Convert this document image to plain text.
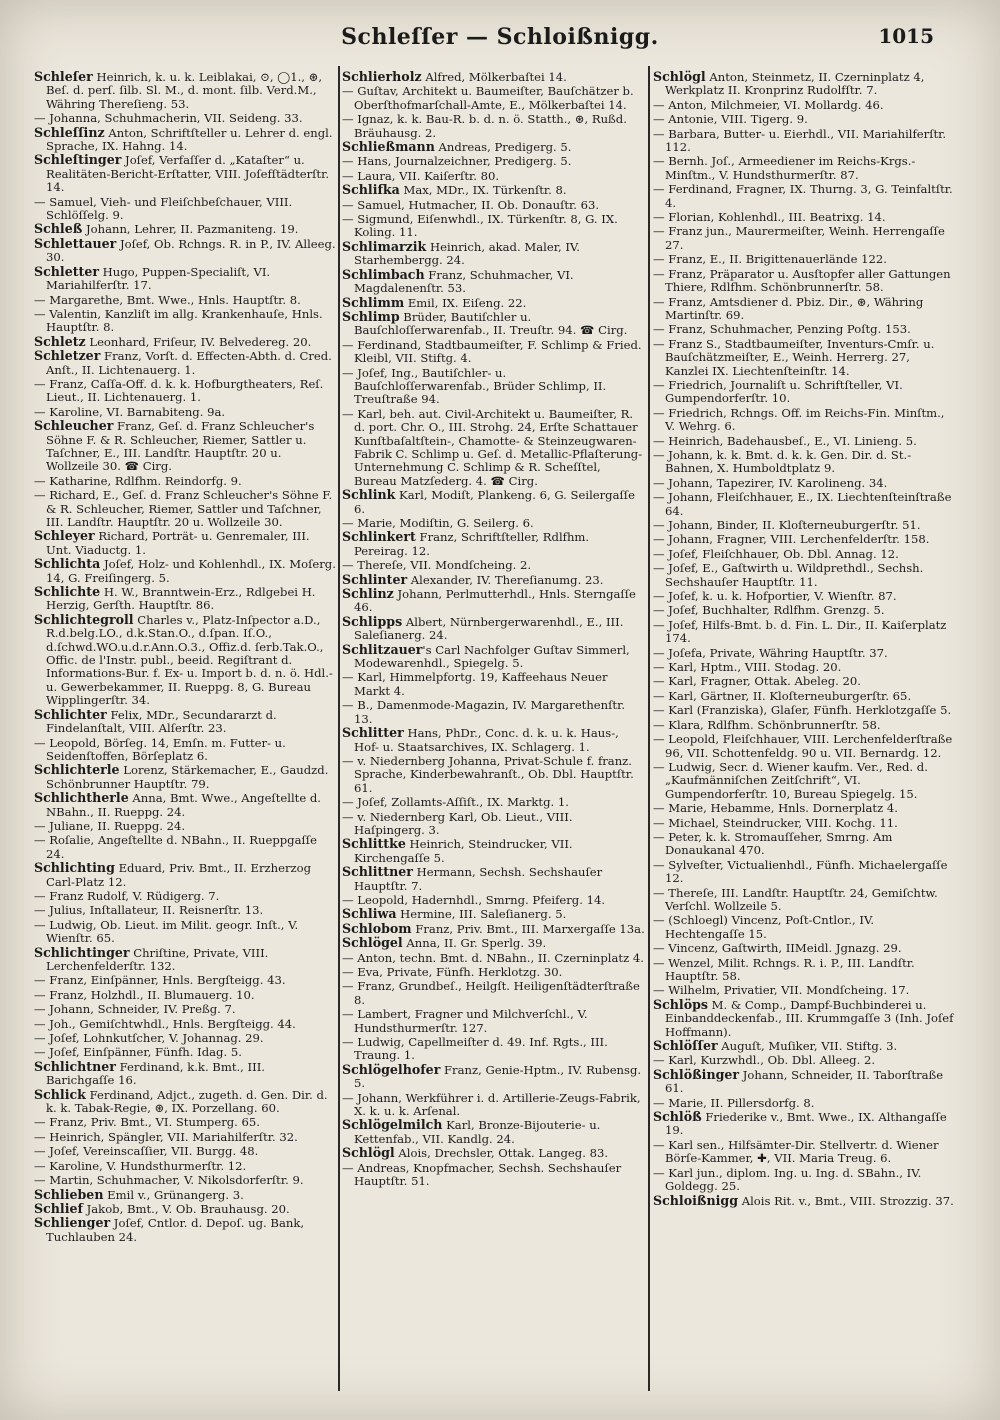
Schleſſer — Schloißnigg.	1015

Schleſer Heinrich, k. u. k. Leiblakai, ⊙, ◯1., ⊛, Beſ. d. perſ. ſilb. Sl. M., d. mont. ſilb. Verd.M., Währing Thereſieng. 53.

— Johanna, Schuhmacherin, VII. Seideng. 33.

Schleſſinz Anton, Schriftſteller u. Lehrer d. engl. Sprache, IX. Hahng. 14.

Schleſtinger Joſef, Verfaſſer d. „Kataſter“ u. Realitäten-Bericht-Erſtatter, VIII. Joſefſtädterſtr. 14.

— Samuel, Vieh- und Fleiſchbeſchauer, VIII. Schlöſſelg. 9.

Schleß Johann, Lehrer, II. Pazmaniteng. 19.

Schlettauer Joſef, Ob. Rchngs. R. in P., IV. Alleeg. 30.

Schletter Hugo, Puppen-Specialiſt, VI. Mariahilferſtr. 17.

— Margarethe, Bmt. Wwe., Hnls. Hauptſtr. 8.

— Valentin, Kanzliſt im allg. Krankenhauſe, Hnls. Hauptſtr. 8.

Schletz Leonhard, Friſeur, IV. Belvedereg. 20.

Schletzer Franz, Vorſt. d. Effecten-Abth. d. Cred. Anſt., II. Lichtenauerg. 1.

— Franz, Caſſa-Off. d. k. k. Hofburgtheaters, Reſ. Lieut., II. Lichtenauerg. 1.

— Karoline, VI. Barnabiteng. 9a.

Schleucher Franz, Geſ. d. Franz Schleucher's Söhne F. & R. Schleucher, Riemer, Sattler u. Taſchner, E., III. Landſtr. Hauptſtr. 20 u. Wollzeile 30. ☎ Cirg.

— Katharine, Rdlfhm. Reindorfg. 9.

— Richard, E., Geſ. d. Franz Schleucher's Söhne F. & R. Schleucher, Riemer, Sattler und Taſchner, III. Landſtr. Hauptſtr. 20 u. Wollzeile 30.

Schleyer Richard, Porträt- u. Genremaler, III. Unt. Viaductg. 1.

Schlichta Joſef, Holz- und Kohlenhdl., IX. Moſerg. 14, G. Freiſingerg. 5.

Schlichte H. W., Branntwein-Erz., Rdlgebei H. Herzig, Gerſth. Hauptſtr. 86.

Schlichtegroll Charles v., Platz-Inſpector a.D., R.d.belg.LO., d.k.Stan.O., d.ſpan. Iſ.O., d.ſchwd.WO.u.d.r.Ann.O.3., Offiz.d. ſerb.Tak.O., Offic. de l'Instr. publ., beeid. Regiſtrant d. Informations-Bur. f. Ex- u. Import b. d. n. ö. Hdl.- u. Gewerbekammer, II. Rueppg. 8, G. Bureau Wipplingerſtr. 34.

Schlichter Felix, MDr., Secundararzt d. Findelanſtalt, VIII. Alſerſtr. 23.

— Leopold, Börſeg. 14, Emſn. m. Futter- u. Seidenſtoffen, Börſeplatz 6.

Schlichterle Lorenz, Stärkemacher, E., Gaudzd. Schönbrunner Hauptſtr. 79.

Schlichtherle Anna, Bmt. Wwe., Angeſtellte d. NBahn., II. Rueppg. 24.

— Juliane, II. Rueppg. 24.

— Roſalie, Angeſtellte d. NBahn., II. Rueppgaſſe 24.

Schlichting Eduard, Priv. Bmt., II. Erzherzog Carl-Platz 12.

— Franz Rudolf, V. Rüdigerg. 7.

— Julius, Inſtallateur, II. Reisnerſtr. 13.

— Ludwig, Ob. Lieut. im Milit. geogr. Inſt., V. Wienſtr. 65.

Schlichtinger Chriſtine, Private, VIII. Lerchenfelderſtr. 132.

— Franz, Einſpänner, Hnls. Bergſteigg. 43.

— Franz, Holzhdl., II. Blumauerg. 10.

— Johann, Schneider, IV. Preßg. 7.

— Joh., Gemiſchtwhdl., Hnls. Bergſteigg. 44.

— Joſef, Lohnkutſcher, V. Johannag. 29.

— Joſef, Einſpänner, Fünfh. Idag. 5.

Schlichtner Ferdinand, k.k. Bmt., III. Barichgaſſe 16.

Schlick Ferdinand, Adjct., zugeth. d. Gen. Dir. d. k. k. Tabak-Regie, ⊛, IX. Porzellang. 60.

— Franz, Priv. Bmt., VI. Stumperg. 65.

— Heinrich, Spängler, VII. Mariahilferſtr. 32.

— Joſef, Vereinscaſſier, VII. Burgg. 48.

— Karoline, V. Hundsthurmerſtr. 12.

— Martin, Schuhmacher, V. Nikolsdorferſtr. 9.

Schlieben Emil v., Grünangerg. 3.

Schlief Jakob, Bmt., V. Ob. Brauhausg. 20.

Schlienger Joſef, Cntlor. d. Depoſ. ug. Bank, Tuchlauben 24.

Schlierholz Alfred, Mölkerbaſtei 14.

— Guſtav, Architekt u. Baumeiſter, Bauſchätzer b. Oberſthofmarſchall-Amte, E., Mölkerbaſtei 14.

— Ignaz, k. k. Bau-R. b. d. n. ö. Statth., ⊛, Rußd. Bräuhausg. 2.

Schließmann Andreas, Predigerg. 5.

— Hans, Journalzeichner, Predigerg. 5.

— Laura, VII. Kaiſerſtr. 80.

Schlifka Max, MDr., IX. Türkenſtr. 8.

— Samuel, Hutmacher, II. Ob. Donauſtr. 63.

— Sigmund, Eiſenwhdl., IX. Türkenſtr. 8, G. IX. Koling. 11.

Schlimarzik Heinrich, akad. Maler, IV. Starhembergg. 24.

Schlimbach Franz, Schuhmacher, VI. Magdalenenſtr. 53.

Schlimm Emil, IX. Eiſeng. 22.

Schlimp Brüder, Bautiſchler u. Bauſchloſſerwarenfab., II. Treuſtr. 94. ☎ Cirg.

— Ferdinand, Stadtbaumeiſter, F. Schlimp & Fried. Kleibl, VII. Stiftg. 4.

— Joſef, Ing., Bautiſchler- u. Bauſchloſſerwarenfab., Brüder Schlimp, II. Treuſtraße 94.

— Karl, beh. aut. Civil-Architekt u. Baumeiſter, R. d. port. Chr. O., III. Strohg. 24, Erſte Schattauer Kunſtbaſaltſtein-, Chamotte- & Steinzeugwaren-Fabrik C. Schlimp u. Geſ. d. Metallic-Pflaſterung-Unternehmung C. Schlimp & R. Scheſſtel, Bureau Matzſederg. 4. ☎ Cirg.

Schlink Karl, Modiſt, Plankeng. 6, G. Seilergaſſe 6.

— Marie, Modiſtin, G. Seilerg. 6.

Schlinkert Franz, Schriftſteller, Rdlfhm. Pereirag. 12.

— Thereſe, VII. Mondſcheing. 2.

Schlinter Alexander, IV. Thereſianumg. 23.

Schlinz Johann, Perlmutterhdl., Hnls. Sterngaſſe 46.

Schlipps Albert, Nürnbergerwarenhdl., E., III. Saleſianerg. 24.

Schlitzauer's Carl Nachfolger Guſtav Simmerl, Modewarenhdl., Spiegelg. 5.

— Karl, Himmelpfortg. 19, Kaffeehaus Neuer Markt 4.

— B., Damenmode-Magazin, IV. Margarethenſtr. 13.

Schlitter Hans, PhDr., Conc. d. k. u. k. Haus-, Hof- u. Staatsarchives, IX. Schlagerg. 1.

— v. Niedernberg Johanna, Privat-Schule f. franz. Sprache, Kinderbewahranſt., Ob. Dbl. Hauptſtr. 61.

— Joſef, Zollamts-Aſſiſt., IX. Marktg. 1.

— v. Niedernberg Karl, Ob. Lieut., VIII. Haſpingerg. 3.

Schlittke Heinrich, Steindrucker, VII. Kirchengaſſe 5.

Schlittner Hermann, Sechsh. Sechshauſer Hauptſtr. 7.

— Leopold, Hadernhdl., Smrng. Pfeiferg. 14.

Schliwa Hermine, III. Saleſianerg. 5.

Schlobom Franz, Priv. Bmt., III. Marxergaſſe 13a.

Schlögel Anna, II. Gr. Sperlg. 39.

— Anton, techn. Bmt. d. NBahn., II. Czerninplatz 4.

— Eva, Private, Fünfh. Herklotzg. 30.

— Franz, Grundbeſ., Heilgſt. Heiligenſtädterſtraße 8.

— Lambert, Fragner und Milchverſchl., V. Hundsthurmerſtr. 127.

— Ludwig, Capellmeiſter d. 49. Inf. Rgts., III. Traung. 1.

Schlögelhofer Franz, Genie-Hptm., IV. Rubensg. 5.

— Johann, Werkführer i. d. Artillerie-Zeugs-Fabrik, X. k. u. k. Arſenal.

Schlögelmilch Karl, Bronze-Bijouterie- u. Kettenfab., VII. Kandlg. 24.

Schlögl Alois, Drechsler, Ottak. Langeg. 83.

— Andreas, Knopfmacher, Sechsh. Sechshauſer Hauptſtr. 51.

Schlögl Anton, Steinmetz, II. Czerninplatz 4, Werkplatz II. Kronprinz Rudolfſtr. 7.

— Anton, Milchmeier, VI. Mollardg. 46.

— Antonie, VIII. Tigerg. 9.

— Barbara, Butter- u. Eierhdl., VII. Mariahilferſtr. 112.

— Bernh. Joſ., Armeediener im Reichs-Krgs.-Minſtm., V. Hundsthurmerſtr. 87.

— Ferdinand, Fragner, IX. Thurng. 3, G. Teinfaltſtr. 4.

— Florian, Kohlenhdl., III. Beatrixg. 14.

— Franz jun., Maurermeiſter, Weinh. Herrengaſſe 27.

— Franz, E., II. Brigittenauerlände 122.

— Franz, Präparator u. Ausſtopfer aller Gattungen Thiere, Rdlfhm. Schönbrunnerſtr. 58.

— Franz, Amtsdiener d. Pbiz. Dir., ⊛, Währing Martinſtr. 69.

— Franz, Schuhmacher, Penzing Poſtg. 153.

— Franz S., Stadtbaumeiſter, Inventurs-Cmſr. u. Bauſchätzmeiſter, E., Weinh. Herrerg. 27, Kanzlei IX. Liechtenſteinſtr. 14.

— Friedrich, Journaliſt u. Schriftſteller, VI. Gumpendorferſtr. 10.

— Friedrich, Rchngs. Off. im Reichs-Fin. Minſtm., V. Wehrg. 6.

— Heinrich, Badehausbeſ., E., VI. Linieng. 5.

— Johann, k. k. Bmt. d. k. k. Gen. Dir. d. St.-Bahnen, X. Humboldtplatz 9.

— Johann, Tapezirer, IV. Karolineng. 34.

— Johann, Fleiſchhauer, E., IX. Liechtenſteinſtraße 64.

— Johann, Binder, II. Kloſterneuburgerſtr. 51.

— Johann, Fragner, VIII. Lerchenfelderſtr. 158.

— Joſef, Fleiſchhauer, Ob. Dbl. Annag. 12.

— Joſef, E., Gaſtwirth u. Wildprethdl., Sechsh. Sechshauſer Hauptſtr. 11.

— Joſef, k. u. k. Hofportier, V. Wienſtr. 87.

— Joſef, Buchhalter, Rdlfhm. Grenzg. 5.

— Joſef, Hilfs-Bmt. b. d. Fin. L. Dir., II. Kaiſerplatz 174.

— Joſefa, Private, Währing Hauptſtr. 37.

— Karl, Hptm., VIII. Stodag. 20.

— Karl, Fragner, Ottak. Abeleg. 20.

— Karl, Gärtner, II. Kloſterneuburgerſtr. 65.

— Karl (Franziska), Glaſer, Fünfh. Herklotzgaſſe 5.

— Klara, Rdlfhm. Schönbrunnerſtr. 58.

— Leopold, Fleiſchhauer, VIII. Lerchenfelderſtraße 96, VII. Schottenfeldg. 90 u. VII. Bernardg. 12.

— Ludwig, Secr. d. Wiener kaufm. Ver., Red. d. „Kaufmänniſchen Zeitſchrift“, VI. Gumpendorferſtr. 10, Bureau Spiegelg. 15.

— Marie, Hebamme, Hnls. Dornerplatz 4.

— Michael, Steindrucker, VIII. Kochg. 11.

— Peter, k. k. Stromauſſeher, Smrng. Am Donaukanal 470.

— Sylveſter, Victualienhdl., Fünfh. Michaelergaſſe 12.

— Thereſe, III. Landſtr. Hauptſtr. 24, Gemiſchtw. Verſchl. Wollzeile 5.

— (Schloegl) Vincenz, Poſt-Cntlor., IV. Hechtengaſſe 15.

— Vincenz, Gaſtwirth, IIMeidl. Jgnazg. 29.

— Wenzel, Milit. Rchngs. R. i. P., III. Landſtr. Hauptſtr. 58.

— Wilhelm, Privatier, VII. Mondſcheing. 17.

Schlöps M. & Comp., Dampf-Buchbinderei u. Einbanddeckenfab., III. Krummgaſſe 3 (Inh. Joſef Hoffmann).

Schlöſſer Auguſt, Muſiker, VII. Stiftg. 3.

— Karl, Kurzwhdl., Ob. Dbl. Alleeg. 2.

Schlößinger Johann, Schneider, II. Taborſtraße 61.

— Marie, II. Pillersdorfg. 8.

Schlöß Friederike v., Bmt. Wwe., IX. Althangaſſe 19.

— Karl sen., Hilfsämter-Dir. Stellvertr. d. Wiener Börſe-Kammer, ✚, VII. Maria Treug. 6.

— Karl jun., diplom. Ing. u. Ing. d. SBahn., IV. Goldegg. 25.

Schloißnigg Alois Rit. v., Bmt., VIII. Strozzig. 37.
